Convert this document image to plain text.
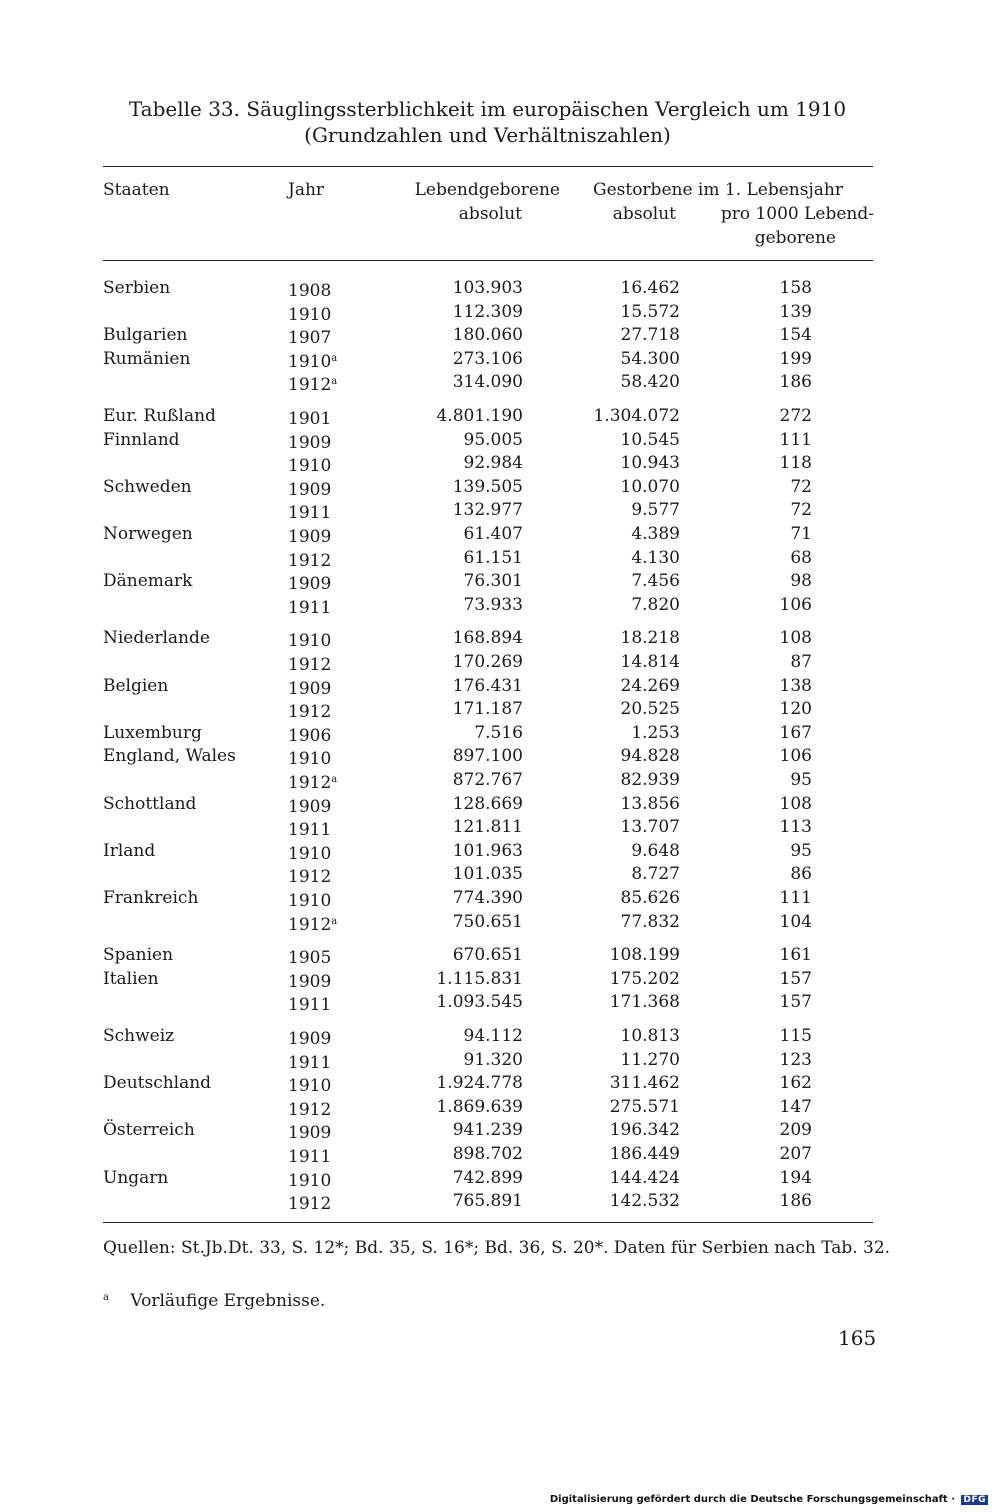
Tabelle 33. Säuglingssterblichkeit im europäischen Vergleich um 1910
(Grundzahlen und Verhältniszahlen)
Staaten	Jahr	Lebendgeborene
absolut
Gestorbene im 1. Lebensjahr
absolut	pro 1000 Lebend-
geborene
Serbien	1908	103.903	16.462	158
1910	112.309	15.572	139
Bulgarien	1907	180.060	27.718	154
Rumänien	1910$^a$	273.106	54.300	199
1912$^a$	314.090	58.420	186
Eur. Rußland	1901	4.801.190	1.304.072	272
Finnland	1909	95.005	10.545	111
1910	92.984	10.943	118
Schweden	1909	139.505	10.070	72
1911	132.977	9.577	72
Norwegen	1909	61.407	4.389	71
1912	61.151	4.130	68
Dänemark	1909	76.301	7.456	98
1911	73.933	7.820	106
Niederlande	1910	168.894	18.218	108
1912	170.269	14.814	87
Belgien	1909	176.431	24.269	138
1912	171.187	20.525	120
Luxemburg	1906	7.516	1.253	167
England, Wales	1910	897.100	94.828	106
1912$^a$	872.767	82.939	95
Schottland	1909	128.669	13.856	108
1911	121.811	13.707	113
Irland	1910	101.963	9.648	95
1912	101.035	8.727	86
Frankreich	1910	774.390	85.626	111
1912$^a$	750.651	77.832	104
Spanien	1905	670.651	108.199	161
Italien	1909	1.115.831	175.202	157
1911	1.093.545	171.368	157
Schweiz	1909	94.112	10.813	115
1911	91.320	11.270	123
Deutschland	1910	1.924.778	311.462	162
1912	1.869.639	275.571	147
Österreich	1909	941.239	196.342	209
1911	898.702	186.449	207
Ungarn	1910	742.899	144.424	194
1912	765.891	142.532	186
Quellen: St.Jb.Dt. 33, S. 12*; Bd. 35, S. 16*; Bd. 36, S. 20*. Daten für Serbien nach Tab. 32.
$^a$ Vorläufige Ergebnisse.
165
Digitalisierung gefördert durch die Deutsche Forschungsgemeinschaft · DFG
